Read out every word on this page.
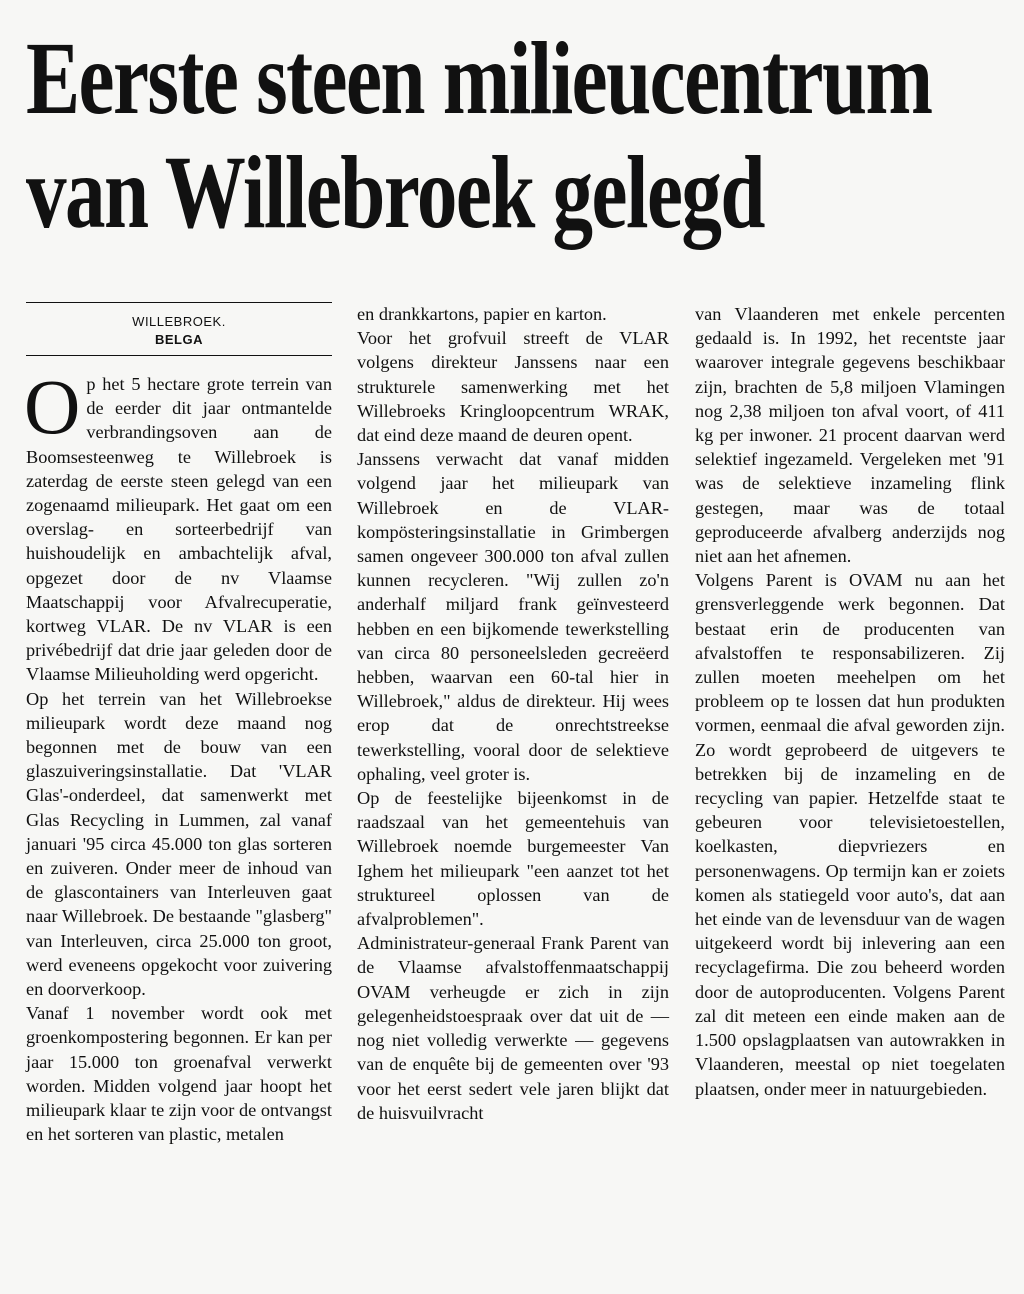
Eerste steen milieucentrum
van Willebroek gelegd
WILLEBROEK.
BELGA

Op het 5 hectare grote terrein van de eerder dit jaar ontmantelde verbrandingsoven aan de Boomsesteenweg te Willebroek is zaterdag de eerste steen gelegd van een zogenaamd milieupark. Het gaat om een overslag- en sorteerbedrijf van huishoudelijk en ambachtelijk afval, opgezet door de nv Vlaamse Maatschappij voor Afvalrecuperatie, kortweg VLAR. De nv VLAR is een privébedrijf dat drie jaar geleden door de Vlaamse Milieuholding werd opgericht.

Op het terrein van het Willebroekse milieupark wordt deze maand nog begonnen met de bouw van een glaszuiveringsinstallatie. Dat 'VLAR Glas'-onderdeel, dat samenwerkt met Glas Recycling in Lummen, zal vanaf januari '95 circa 45.000 ton glas sorteren en zuiveren. Onder meer de inhoud van de glascontainers van Interleuven gaat naar Willebroek. De bestaande "glasberg" van Interleuven, circa 25.000 ton groot, werd eveneens opgekocht voor zuivering en doorverkoop.

Vanaf 1 november wordt ook met groenkompostering begonnen. Er kan per jaar 15.000 ton groenafval verwerkt worden. Midden volgend jaar hoopt het milieupark klaar te zijn voor de ontvangst en het sorteren van plastic, metalen

en drankkartons, papier en karton.

Voor het grofvuil streeft de VLAR volgens direkteur Janssens naar een strukturele samenwerking met het Willebroeks Kringloopcentrum WRAK, dat eind deze maand de deuren opent.

Janssens verwacht dat vanaf midden volgend jaar het milieupark van Willebroek en de VLAR-kompösteringsinstallatie in Grimbergen samen ongeveer 300.000 ton afval zullen kunnen recycleren. "Wij zullen zo'n anderhalf miljard frank geïnvesteerd hebben en een bijkomende tewerkstelling van circa 80 personeelsleden gecreëerd hebben, waarvan een 60-tal hier in Willebroek," aldus de direkteur. Hij wees erop dat de onrechtstreekse tewerkstelling, vooral door de selektieve ophaling, veel groter is.

Op de feestelijke bijeenkomst in de raadszaal van het gemeentehuis van Willebroek noemde burgemeester Van Ighem het milieupark "een aanzet tot het struktureel oplossen van de afvalproblemen".

Administrateur-generaal Frank Parent van de Vlaamse afvalstoffenmaatschappij OVAM verheugde er zich in zijn gelegenheidstoespraak over dat uit de — nog niet volledig verwerkte — gegevens van de enquête bij de gemeenten over '93 voor het eerst sedert vele jaren blijkt dat de huisvuilvracht

van Vlaanderen met enkele percenten gedaald is. In 1992, het recentste jaar waarover integrale gegevens beschikbaar zijn, brachten de 5,8 miljoen Vlamingen nog 2,38 miljoen ton afval voort, of 411 kg per inwoner. 21 procent daarvan werd selektief ingezameld. Vergeleken met '91 was de selektieve inzameling flink gestegen, maar was de totaal geproduceerde afvalberg anderzijds nog niet aan het afnemen.

Volgens Parent is OVAM nu aan het grensverleggende werk begonnen. Dat bestaat erin de producenten van afvalstoffen te responsabilizeren. Zij zullen moeten meehelpen om het probleem op te lossen dat hun produkten vormen, eenmaal die afval geworden zijn. Zo wordt geprobeerd de uitgevers te betrekken bij de inzameling en de recycling van papier. Hetzelfde staat te gebeuren voor televisietoestellen, koelkasten, diepvriezers en personenwagens. Op termijn kan er zoiets komen als statiegeld voor auto's, dat aan het einde van de levensduur van de wagen uitgekeerd wordt bij inlevering aan een recyclagefirma. Die zou beheerd worden door de autoproducenten. Volgens Parent zal dit meteen een einde maken aan de 1.500 opslagplaatsen van autowrakken in Vlaanderen, meestal op niet toegelaten plaatsen, onder meer in natuurgebieden.
